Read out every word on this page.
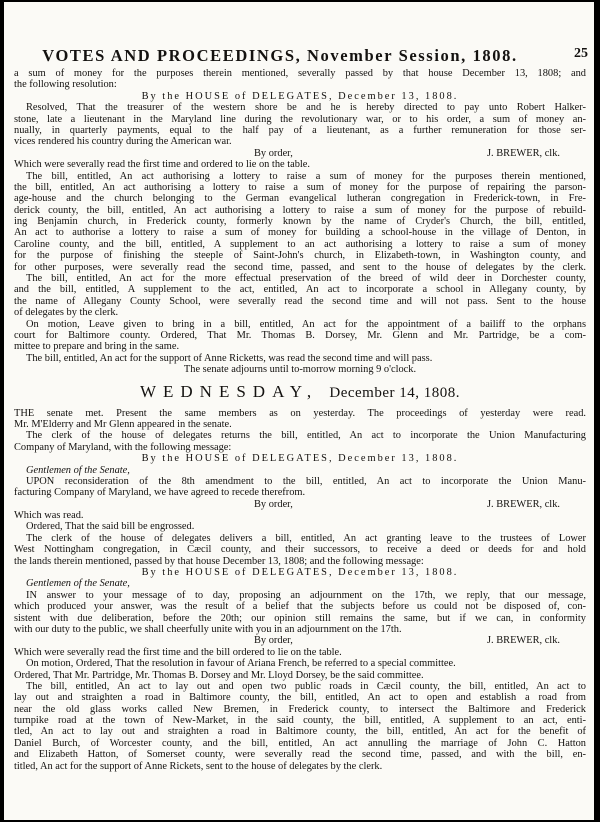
VOTES AND PROCEEDINGS, November Session, 1808.	25
a sum of money for the purposes therein mentioned, severally passed by that house December 13, 1808; and
the following resolution:
By the HOUSE of DELEGATES, December 13, 1808.
Resolved, That the treasurer of the western shore be and he is hereby directed to pay unto Robert Halker-
stone, late a lieutenant in the Maryland line during the revolutionary war, or to his order, a sum of money an-
nually, in quarterly payments, equal to the half pay of a lieutenant, as a further remuneration for those ser-
vices rendered his country during the American war.
By order,	J. BREWER, clk.
Which were severally read the first time and ordered to lie on the table.
The bill, entitled, An act authorising a lottery to raise a sum of money for the purposes therein mentioned,
the bill, entitled, An act authorising a lottery to raise a sum of money for the purpose of repairing the parson-
age-house and the church belonging to the German evangelical lutheran congregation in Frederick-town, in Fre-
derick county, the bill, entitled, An act authorising a lottery to raise a sum of money for the purpose of rebuild-
ing Benjamin church, in Frederick county, formerly known by the name of Cryder's Church, the bill, entitled,
An act to authorise a lottery to raise a sum of money for building a school-house in the village of Denton, in
Caroline county, and the bill, entitled, A supplement to an act authorising a lottery to raise a sum of money
for the purpose of finishing the steeple of Saint-John's church, in Elizabeth-town, in Washington county, and
for other purposes, were severally read the second time, passed, and sent to the house of delegates by the clerk.
The bill, entitled, An act for the more effectual preservation of the breed of wild deer in Dorchester county,
and the bill, entitled, A supplement to the act, entitled, An act to incorporate a school in Allegany county, by
the name of Allegany County School, were severally read the second time and will not pass. Sent to the house
of delegates by the clerk.
On motion, Leave given to bring in a bill, entitled, An act for the appointment of a bailiff to the orphans
court for Baltimore county. Ordered, That Mr. Thomas B. Dorsey, Mr. Glenn and Mr. Partridge, be a com-
mittee to prepare and bring in the same.
The bill, entitled, An act for the support of Anne Ricketts, was read the second time and will pass.
The senate adjourns until to-morrow morning 9 o'clock.
WEDNESDAY, December 14, 1808.
THE senate met. Present the same members as on yesterday. The proceedings of yesterday were read.
Mr. M'Elderry and Mr Glenn appeared in the senate.
The clerk of the house of delegates returns the bill, entitled, An act to incorporate the Union Manufacturing
Company of Maryland, with the following message:
By the HOUSE of DELEGATES, December 13, 1808.
Gentlemen of the Senate,
UPON reconsideration of the 8th amendment to the bill, entitled, An act to incorporate the Union Manu-
facturing Company of Maryland, we have agreed to recede therefrom.
By order,	J. BREWER, clk.
Which was read.
Ordered, That the said bill be engrossed.
The clerk of the house of delegates delivers a bill, entitled, An act granting leave to the trustees of Lower
West Nottingham congregation, in Cæcil county, and their successors, to receive a deed or deeds for and hold
the lands therein mentioned, passed by that house December 13, 1808; and the following message:
By the HOUSE of DELEGATES, December 13, 1808.
Gentlemen of the Senate,
IN answer to your message of to day, proposing an adjournment on the 17th, we reply, that our message,
which produced your answer, was the result of a belief that the subjects before us could not be disposed of, con-
sistent with due deliberation, before the 20th; our opinion still remains the same, but if we can, in conformity
with our duty to the public, we shall cheerfully unite with you in an adjournment on the 17th.
By order,	J. BREWER, clk.
Which were severally read the first time and the bill ordered to lie on the table.
On motion, Ordered, That the resolution in favour of Ariana French, be referred to a special committee.
Ordered, That Mr. Partridge, Mr. Thomas B. Dorsey and Mr. Lloyd Dorsey, be the said committee.
The bill, entitled, An act to lay out and open two public roads in Cæcil county, the bill, entitled, An act to
lay out and straighten a road in Baltimore county, the bill, entitled, An act to open and establish a road from
near the old glass works called New Bremen, in Frederick county, to intersect the Baltimore and Frederick
turnpike road at the town of New-Market, in the said county, the bill, entitled, A supplement to an act, enti-
tled, An act to lay out and straighten a road in Baltimore county, the bill, entitled, An act for the benefit of
Daniel Burch, of Worcester county, and the bill, entitled, An act annulling the marriage of John C. Hatton
and Elizabeth Hatton, of Somerset county, were severally read the second time, passed, and with the bill, en-
titled, An act for the support of Anne Rickets, sent to the house of delegates by the clerk.
